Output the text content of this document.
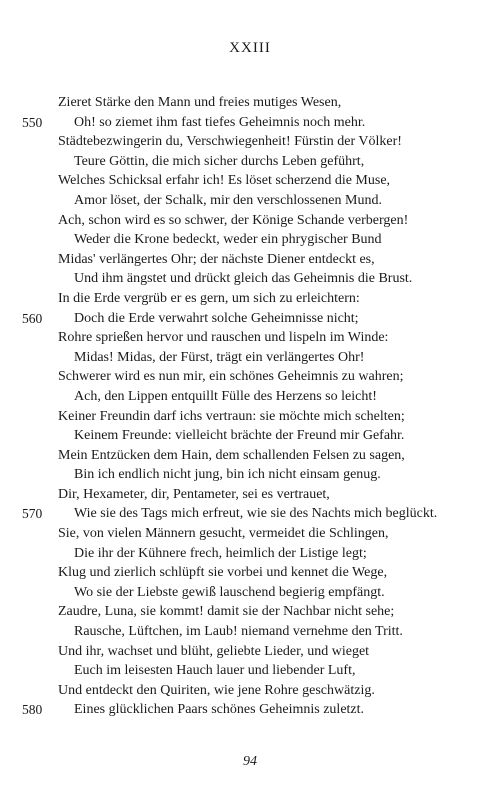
XXIII
Zieret Stärke den Mann und freies mutiges Wesen,
550 Oh! so ziemet ihm fast tiefes Geheimnis noch mehr.
Städtebezwingerin du, Verschwiegenheit! Fürstin der Völker!
Teure Göttin, die mich sicher durchs Leben geführt,
Welches Schicksal erfahr ich! Es löset scherzend die Muse,
Amor löset, der Schalk, mir den verschlossenen Mund.
Ach, schon wird es so schwer, der Könige Schande verbergen!
Weder die Krone bedeckt, weder ein phrygischer Bund
Midas' verlängertes Ohr; der nächste Diener entdeckt es,
Und ihm ängstet und drückt gleich das Geheimnis die Brust.
In die Erde vergrüb er es gern, um sich zu erleichtern:
560 Doch die Erde verwahrt solche Geheimnisse nicht;
Rohre sprießen hervor und rauschen und lispeln im Winde:
Midas! Midas, der Fürst, trägt ein verlängertes Ohr!
Schwerer wird es nun mir, ein schönes Geheimnis zu wahren;
Ach, den Lippen entquillt Fülle des Herzens so leicht!
Keiner Freundin darf ichs vertraun: sie möchte mich schelten;
Keinem Freunde: vielleicht brächte der Freund mir Gefahr.
Mein Entzücken dem Hain, dem schallenden Felsen zu sagen,
Bin ich endlich nicht jung, bin ich nicht einsam genug.
Dir, Hexameter, dir, Pentameter, sei es vertrauet,
570 Wie sie des Tags mich erfreut, wie sie des Nachts mich beglückt.
Sie, von vielen Männern gesucht, vermeidet die Schlingen,
Die ihr der Kühnere frech, heimlich der Listige legt;
Klug und zierlich schlüpft sie vorbei und kennet die Wege,
Wo sie der Liebste gewiß lauschend begierig empfängt.
Zaudre, Luna, sie kommt! damit sie der Nachbar nicht sehe;
Rausche, Lüftchen, im Laub! niemand vernehme den Tritt.
Und ihr, wachset und blüht, geliebte Lieder, und wieget
Euch im leisesten Hauch lauer und liebender Luft,
Und entdeckt den Quiriten, wie jene Rohre geschwätzig.
580 Eines glücklichen Paars schönes Geheimnis zuletzt.
94
